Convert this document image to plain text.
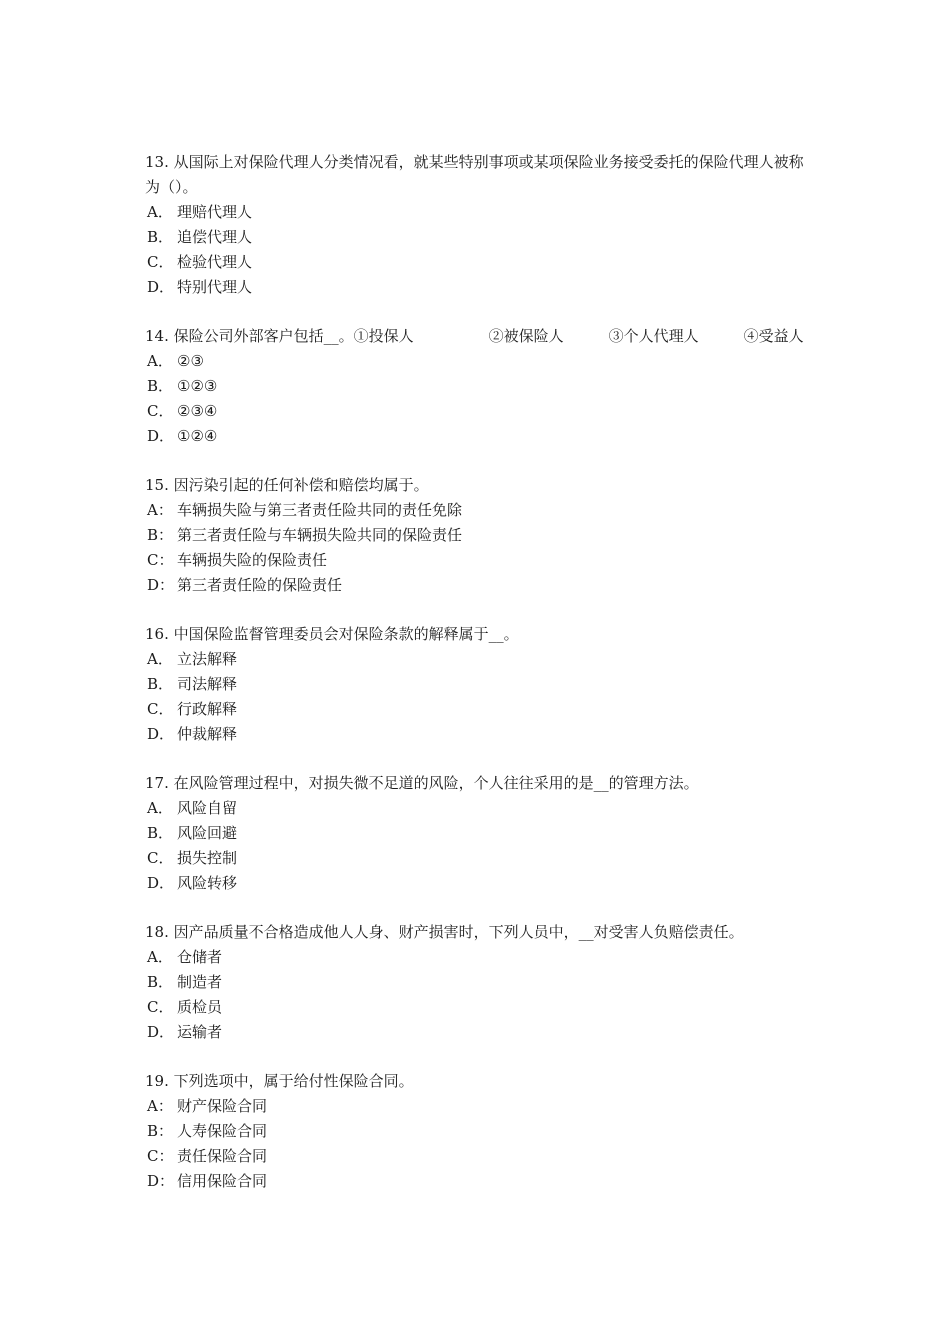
13. 从国际上对保险代理人分类情况看，就某些特别事项或某项保险业务接受委托的保险代理人被称为（）。

A． 理赔代理人
B． 追偿代理人
C． 检验代理人
D． 特别代理人

14. 保险公司外部客户包括__。①投保人　　　　　②被保险人　　　③个人代理人　　　④受益人

A． ②③
B． ①②③
C． ②③④
D． ①②④

15. 因污染引起的任何补偿和赔偿均属于。

A： 车辆损失险与第三者责任险共同的责任免除
B： 第三者责任险与车辆损失险共同的保险责任
C： 车辆损失险的保险责任
D： 第三者责任险的保险责任

16. 中国保险监督管理委员会对保险条款的解释属于__。

A． 立法解释
B． 司法解释
C． 行政解释
D． 仲裁解释

17. 在风险管理过程中，对损失微不足道的风险，个人往往采用的是__的管理方法。

A． 风险自留
B． 风险回避
C． 损失控制
D． 风险转移

18. 因产品质量不合格造成他人人身、财产损害时，下列人员中，__对受害人负赔偿责任。

A． 仓储者
B． 制造者
C． 质检员
D． 运输者

19. 下列选项中，属于给付性保险合同。

A： 财产保险合同
B： 人寿保险合同
C： 责任保险合同
D： 信用保险合同
